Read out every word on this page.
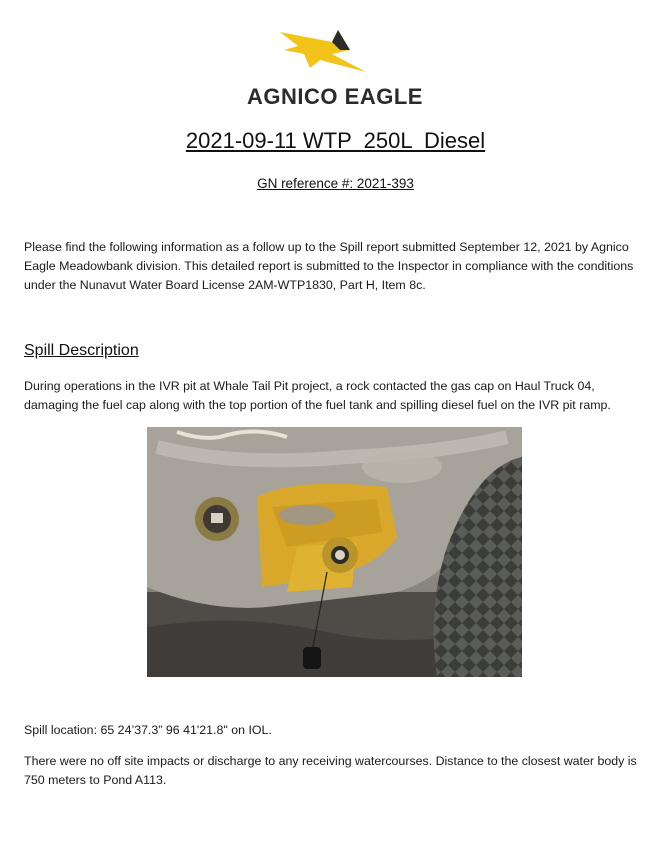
AGNICO EAGLE
2021-09-11 WTP  250L  Diesel
GN reference #: 2021-393
Please find the following information as a follow up to the Spill report submitted September 12, 2021 by Agnico Eagle Meadowbank division. This detailed report is submitted to the Inspector in compliance with the conditions under the Nunavut Water Board License 2AM-WTP1830, Part H, Item 8c.
Spill Description
During operations in the IVR pit at Whale Tail Pit project, a rock contacted the gas cap on Haul Truck 04, damaging the fuel cap along with the top portion of the fuel tank and spilling diesel fuel on the IVR pit ramp.
Spill location: 65 24’37.3” 96 41'21.8" on IOL.
There were no off site impacts or discharge to any receiving watercourses. Distance to the closest water body is 750 meters to Pond A113.
